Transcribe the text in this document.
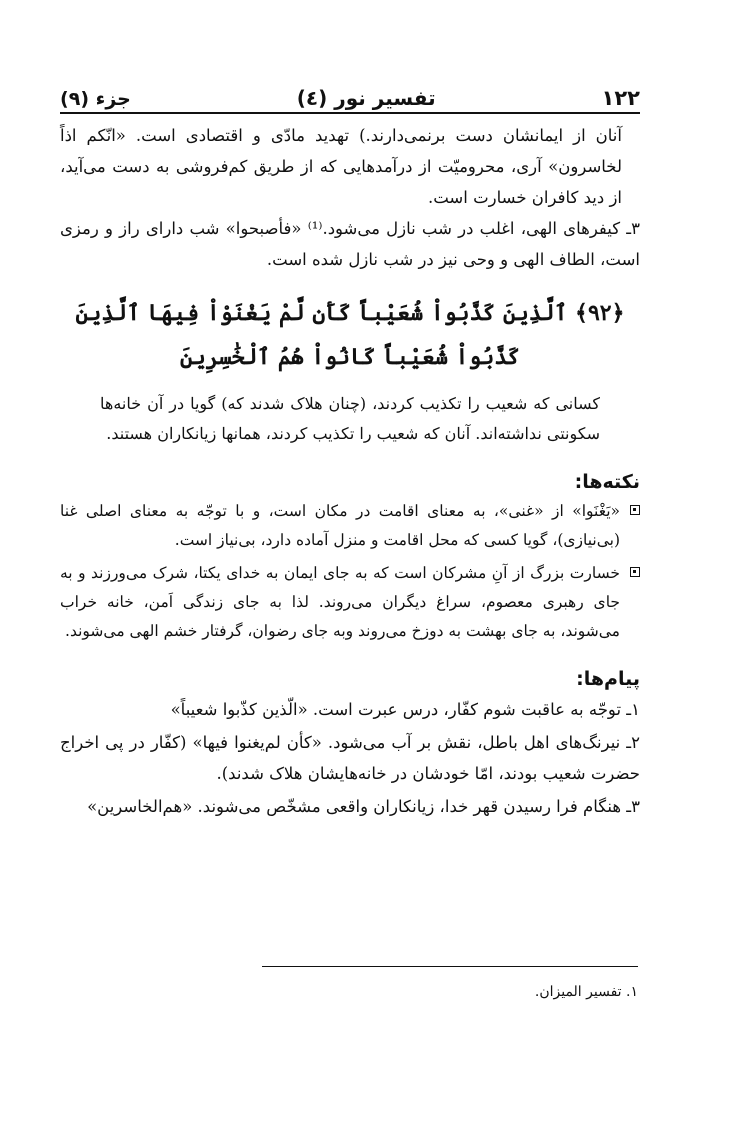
۱۲۲
تفسیر نور (٤)
جزء (٩)

آنان از ایمانشان دست برنمی‌دارند.) تهدید مادّی و اقتصادی است. «انّکم اذاً لخاسرون» آری، محرومیّت از درآمدهایی که از طریق کم‌فروشی به دست می‌آید، از دید کافران خسارت است.

۳ـ کیفرهای الهی، اغلب در شب نازل می‌شود.⁽¹⁾ «فأصبحوا» شب دارای راز و رمزی است، الطاف الهی و وحی نیز در شب نازل شده است.

﴿۹۲﴾ ٱلَّذِينَ كَذَّبُواْ شُعَيْباً كَأَن لَّمْ يَغْنَوْاْ فِيهَا ٱلَّذِينَ كَذَّبُواْ شُعَيْباً كَانُواْ هُمُ ٱلْخَٰسِرِينَ

کسانی که شعیب را تکذیب کردند، (چنان هلاک شدند که) گویا در آن خانه‌ها سکونتی نداشته‌اند. آنان که شعیب را تکذیب کردند، همانها زیانکاران هستند.

نکته‌ها:

«یَغْنَوا» از «غنی»، به معنای اقامت در مکان است، و با توجّه به معنای اصلی غنا (بی‌نیازی)، گویا کسی که محل اقامت و منزل آماده دارد، بی‌نیاز است.

خسارت بزرگ از آنِ مشرکان است که به جای ایمان به خدای یکتا، شرک می‌ورزند و به جای رهبری معصوم، سراغ دیگران می‌روند. لذا به جای زندگی اَمن، خانه خراب می‌شوند، به جای بهشت به دوزخ می‌روند وبه جای رضوان، گرفتار خشم الهی می‌شوند.

پیام‌ها:

۱ـ توجّه به عاقبت شوم کفّار، درس عبرت است. «الّذین کذّبوا شعیباً»

۲ـ نیرنگ‌های اهل باطل، نقش بر آب می‌شود. «کأن لم‌یغنوا فیها» (کفّار در پی اخراج حضرت شعیب بودند، امّا خودشان در خانه‌هایشان هلاک شدند).

۳ـ هنگام فرا رسیدن قهر خدا، زیانکاران واقعی مشخّص می‌شوند. «هم‌الخاسرین»

۱. تفسیر المیزان.
